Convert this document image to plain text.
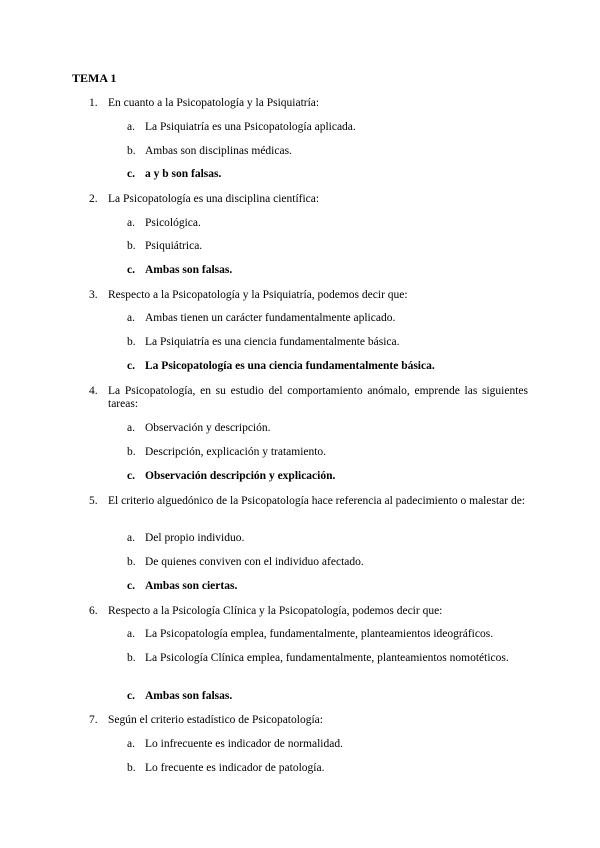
TEMA 1
1. En cuanto a la Psicopatología y la Psiquiatría:
a. La Psiquiatría es una Psicopatología aplicada.
b. Ambas son disciplinas médicas.
c. a y b son falsas.
2. La Psicopatología es una disciplina científica:
a. Psicológica.
b. Psiquiátrica.
c. Ambas son falsas.
3. Respecto a la Psicopatología y la Psiquiatría, podemos decir que:
a. Ambas tienen un carácter fundamentalmente aplicado.
b. La Psiquiatría es una ciencia fundamentalmente básica.
c. La Psicopatología es una ciencia fundamentalmente básica.
4. La Psicopatología, en su estudio del comportamiento anómalo, emprende las siguientes tareas:
a. Observación y descripción.
b. Descripción, explicación y tratamiento.
c. Observación descripción y explicación.
5. El criterio alguedónico de la Psicopatología hace referencia al padecimiento o malestar de:
a. Del propio individuo.
b. De quienes conviven con el individuo afectado.
c. Ambas son ciertas.
6. Respecto a la Psicología Clínica y la Psicopatología, podemos decir que:
a. La Psicopatología emplea, fundamentalmente, planteamientos ideográficos.
b. La Psicología Clínica emplea, fundamentalmente, planteamientos nomotéticos.
c. Ambas son falsas.
7. Según el criterio estadístico de Psicopatología:
a. Lo infrecuente es indicador de normalidad.
b. Lo frecuente es indicador de patología.
